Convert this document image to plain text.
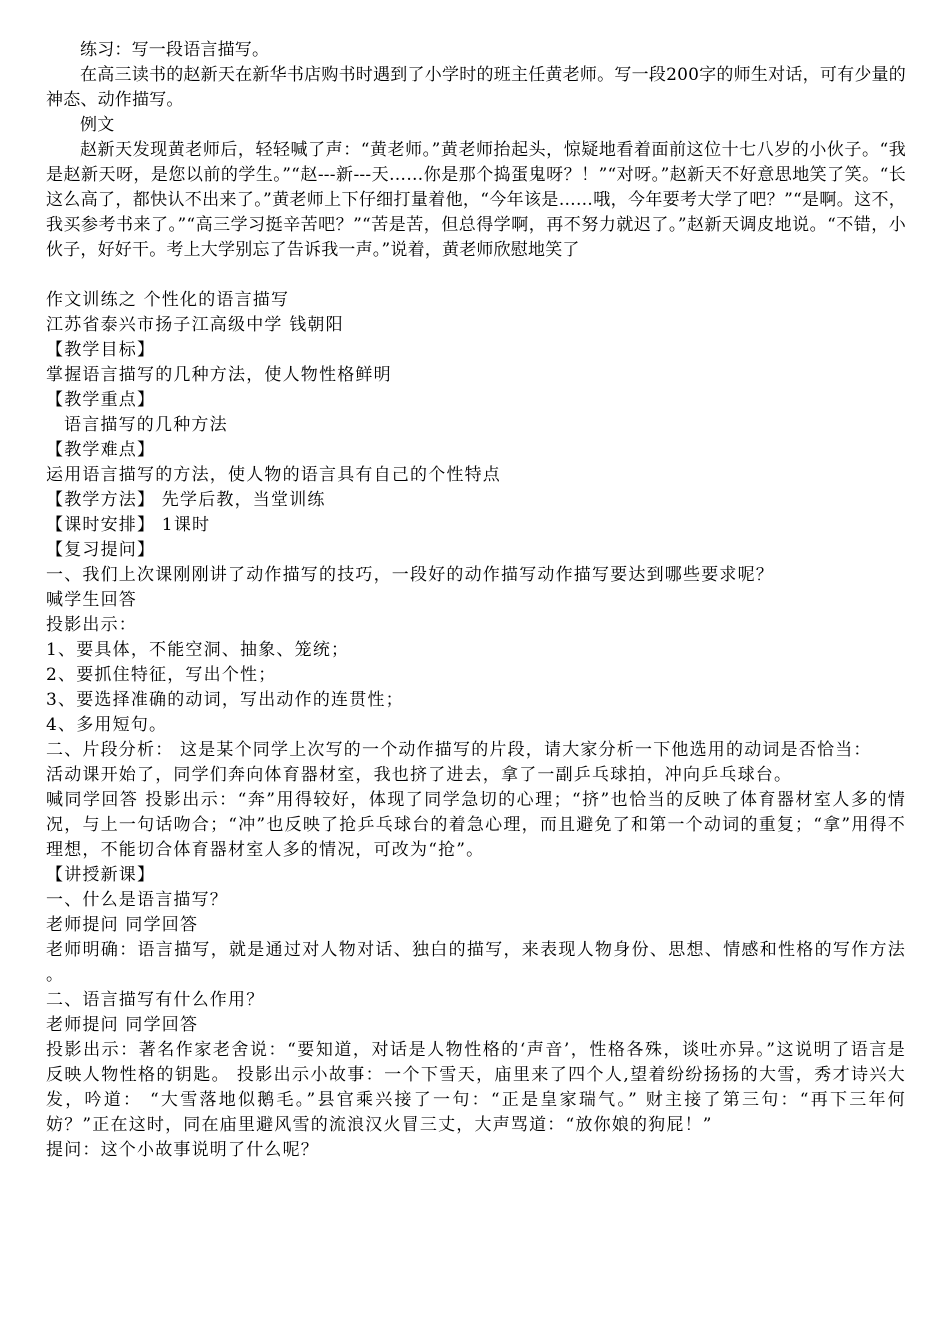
练习：写一段语言描写。

在高三读书的赵新天在新华书店购书时遇到了小学时的班主任黄老师。写一段200字的师生对话，可有少量的神态、动作描写。

例文

赵新天发现黄老师后，轻轻喊了声：“黄老师。”黄老师抬起头，惊疑地看着面前这位十七八岁的小伙子。“我是赵新天呀，是您以前的学生。”“赵---新---天……你是那个捣蛋鬼呀？！”“对呀。”赵新天不好意思地笑了笑。“长这么高了，都快认不出来了。”黄老师上下仔细打量着他，“今年该是……哦，今年要考大学了吧？”“是啊。这不，我买参考书来了。”“高三学习挺辛苦吧？”“苦是苦，但总得学啊，再不努力就迟了。”赵新天调皮地说。“不错，小伙子，好好干。考上大学别忘了告诉我一声。”说着，黄老师欣慰地笑了

作文训练之 个性化的语言描写

江苏省泰兴市扬子江高级中学 钱朝阳

【教学目标】

掌握语言描写的几种方法，使人物性格鲜明

【教学重点】

语言描写的几种方法

【教学难点】

运用语言描写的方法，使人物的语言具有自己的个性特点

【教学方法】 先学后教，当堂训练

【课时安排】 1课时

【复习提问】

一、我们上次课刚刚讲了动作描写的技巧，一段好的动作描写动作描写要达到哪些要求呢？

喊学生回答

投影出示：

1、要具体，不能空洞、抽象、笼统；

2、要抓住特征，写出个性；

3、要选择准确的动词，写出动作的连贯性；

4、多用短句。

二、片段分析： 这是某个同学上次写的一个动作描写的片段，请大家分析一下他选用的动词是否恰当：

活动课开始了，同学们奔向体育器材室，我也挤了进去，拿了一副乒乓球拍，冲向乒乓球台。

喊同学回答 投影出示：“奔”用得较好，体现了同学急切的心理；“挤”也恰当的反映了体育器材室人多的情况，与上一句话吻合；“冲”也反映了抢乒乓球台的着急心理，而且避免了和第一个动词的重复；“拿”用得不理想，不能切合体育器材室人多的情况，可改为“抢”。

【讲授新课】

一、什么是语言描写？

老师提问 同学回答

老师明确：语言描写，就是通过对人物对话、独白的描写，来表现人物身份、思想、情感和性格的写作方法 。

二、语言描写有什么作用？

老师提问 同学回答

投影出示：著名作家老舍说：“要知道，对话是人物性格的‘声音’，性格各殊，谈吐亦异。”这说明了语言是反映人物性格的钥匙。 投影出示小故事：一个下雪天，庙里来了四个人,望着纷纷扬扬的大雪，秀才诗兴大发，吟道： “大雪落地似鹅毛。”县官乘兴接了一句：“正是皇家瑞气。” 财主接了第三句：“再下三年何妨？”正在这时，同在庙里避风雪的流浪汉火冒三丈，大声骂道：“放你娘的狗屁！”

提问：这个小故事说明了什么呢？
